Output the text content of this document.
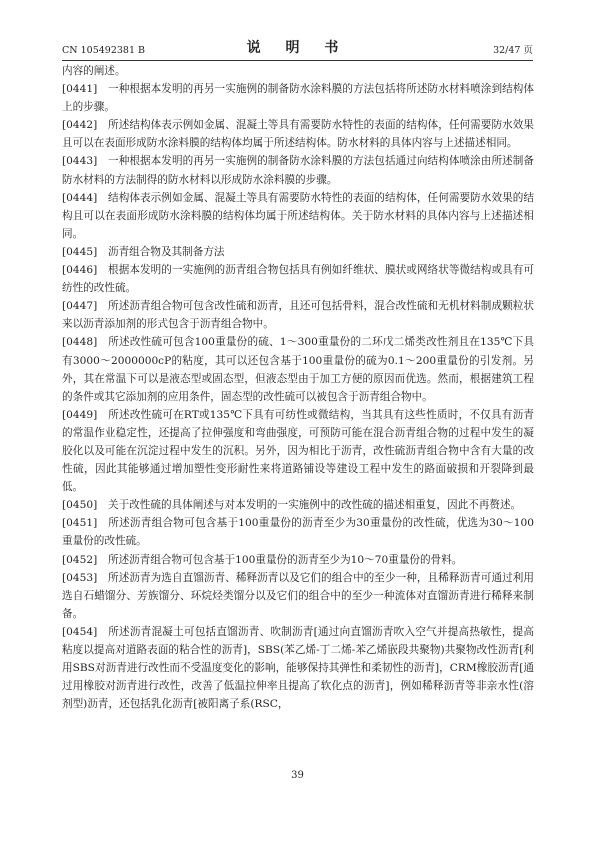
CN 105492381 B	说 明 书	32/47 页

内容的阐述。

[0441] 一种根据本发明的再另一实施例的制备防水涂料膜的方法包括将所述防水材料喷涂到结构体上的步骤。

[0442] 所述结构体表示例如金属、混凝土等具有需要防水特性的表面的结构体，任何需要防水效果且可以在表面形成防水涂料膜的结构体均属于所述结构体。防水材料的具体内容与上述描述相同。

[0443] 一种根据本发明的再另一实施例的制备防水涂料膜的方法包括通过向结构体喷涂由所述制备防水材料的方法制得的防水材料以形成防水涂料膜的步骤。

[0444] 结构体表示例如金属、混凝土等具有需要防水特性的表面的结构体，任何需要防水效果的结构且可以在表面形成防水涂料膜的结构体均属于所述结构体。关于防水材料的具体内容与上述描述相同。

[0445] 沥青组合物及其制备方法

[0446] 根据本发明的一实施例的沥青组合物包括具有例如纤维状、膜状或网络状等微结构或具有可纺性的改性硫。

[0447] 所述沥青组合物可包含改性硫和沥青，且还可包括骨料，混合改性硫和无机材料制成颗粒状来以沥青添加剂的形式包含于沥青组合物中。

[0448] 所述改性硫可包含100重量份的硫、1～300重量份的二环戊二烯类改性剂且在135℃下具有3000～2000000cP的粘度，其可以还包含基于100重量份的硫为0.1～200重量份的引发剂。另外，其在常温下可以是液态型或固态型，但液态型由于加工方便的原因而优选。然而，根据建筑工程的条件或其它添加剂的应用条件，固态型的改性硫可以被包含于沥青组合物中。

[0449] 所述改性硫可在RT或135℃下具有可纺性或微结构，当其具有这些性质时，不仅具有沥青的常温作业稳定性，还提高了拉伸强度和弯曲强度，可预防可能在混合沥青组合物的过程中发生的凝胶化以及可能在沉淀过程中发生的沉积。另外，因为相比于沥青，改性硫沥青组合物中含有大量的改性硫，因此其能够通过增加塑性变形耐性来将道路铺设等建设工程中发生的路面破损和开裂降到最低。

[0450] 关于改性硫的具体阐述与对本发明的一实施例中的改性硫的描述相重复，因此不再赘述。

[0451] 所述沥青组合物可包含基于100重量份的沥青至少为30重量份的改性硫，优选为30～100重量份的改性硫。

[0452] 所述沥青组合物可包含基于100重量份的沥青至少为10～70重量份的骨料。

[0453] 所述沥青为选自直馏沥青、稀释沥青以及它们的组合中的至少一种，且稀释沥青可通过利用选自石蜡馏分、芳族馏分、环烷烃类馏分以及它们的组合中的至少一种流体对直馏沥青进行稀释来制备。

[0454] 所述沥青混凝土可包括直馏沥青、吹制沥青[通过向直馏沥青吹入空气并提高热敏性，提高粘度以提高对道路表面的粘合性的沥青]，SBS(苯乙烯-丁二烯-苯乙烯嵌段共聚物)共聚物改性沥青[利用SBS对沥青进行改性而不受温度变化的影响，能够保持其弹性和柔韧性的沥青]，CRM橡胶沥青[通过用橡胶对沥青进行改性，改善了低温拉伸率且提高了软化点的沥青]，例如稀释沥青等非亲水性(溶剂型)沥青，还包括乳化沥青[被阳离子系(RSC，

39
